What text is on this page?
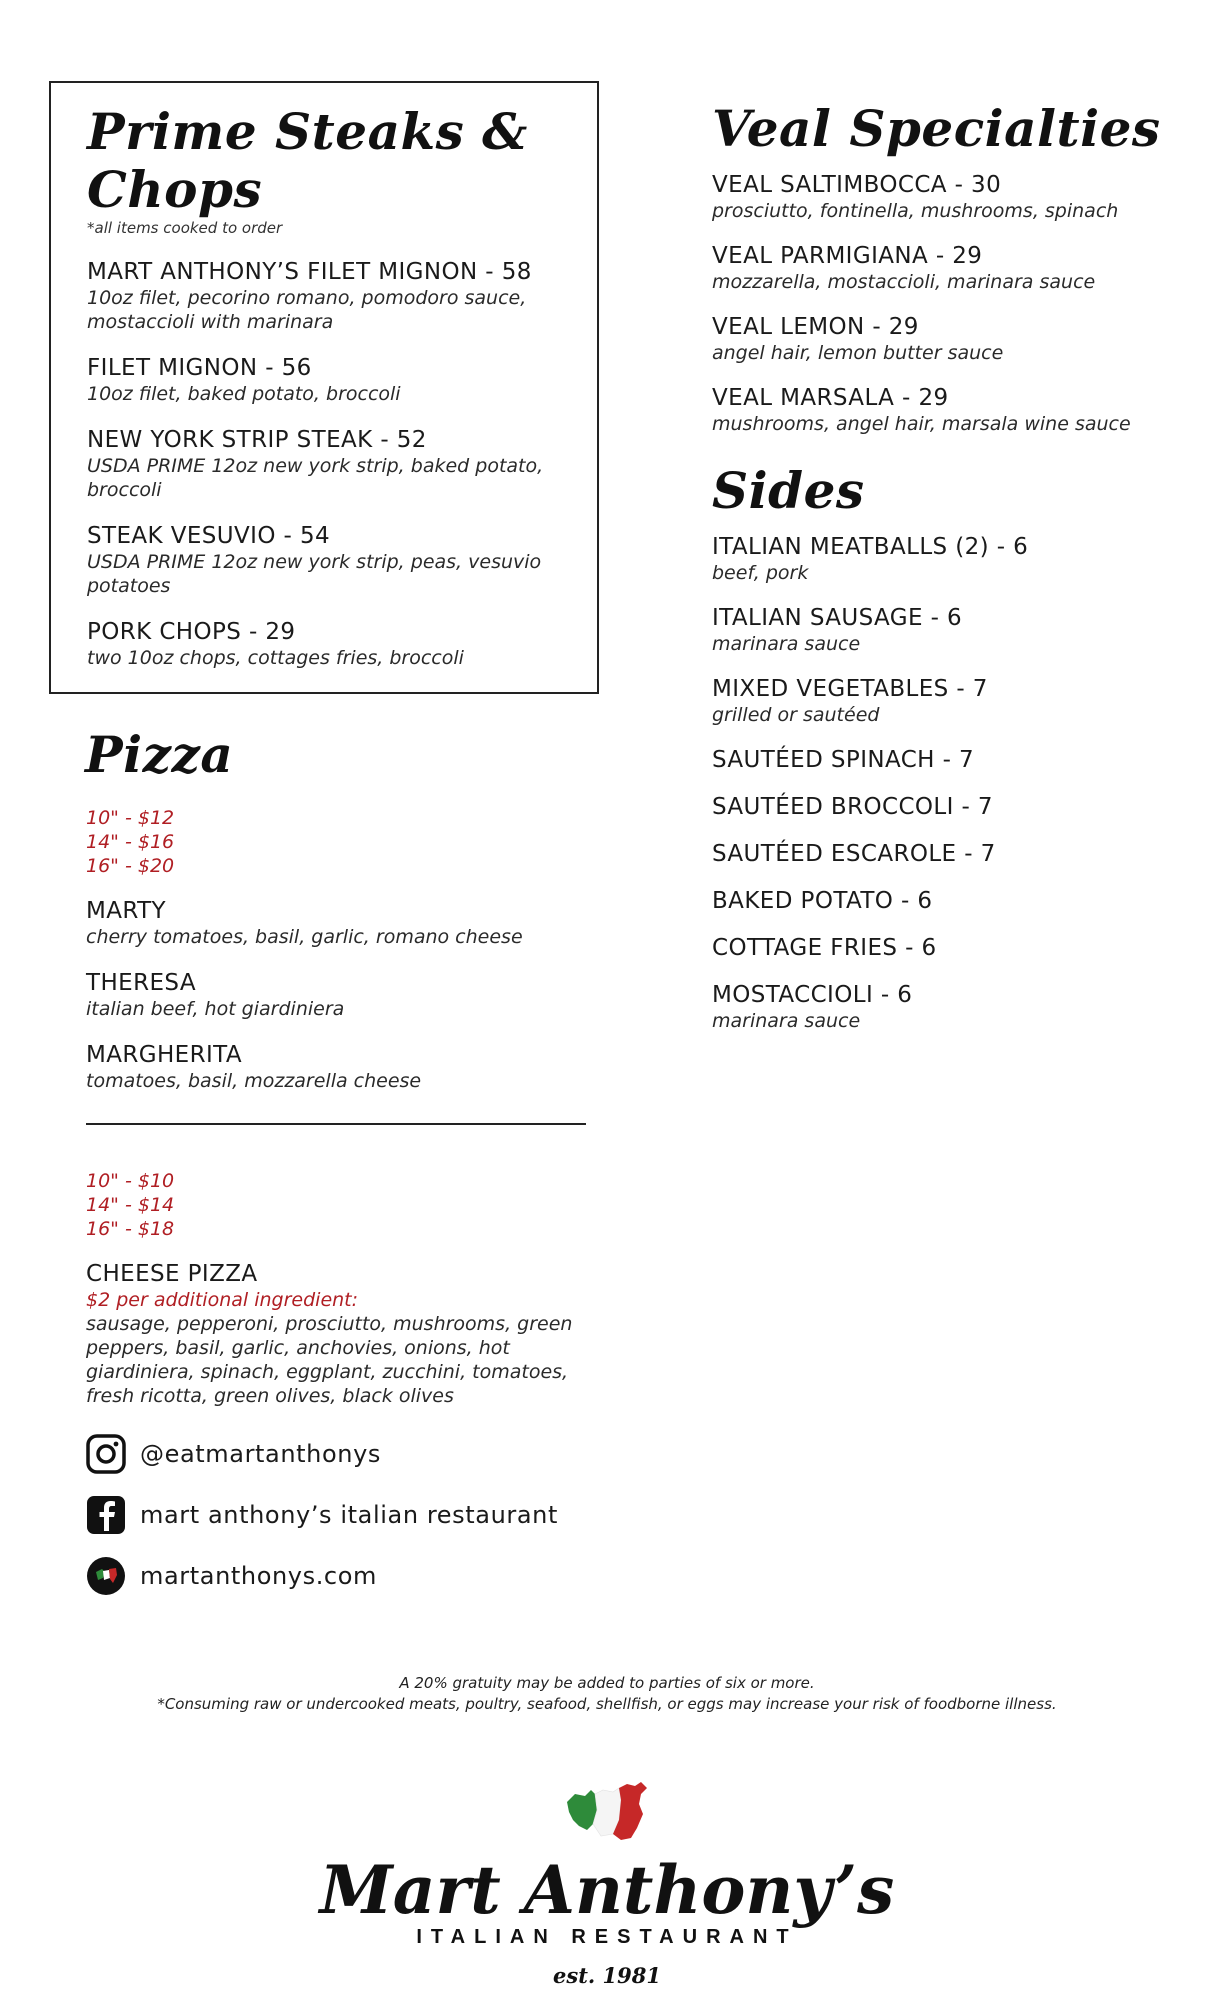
Prime Steaks & Chops
*all items cooked to order
MART ANTHONY’S FILET MIGNON - 58
10oz filet, pecorino romano, pomodoro sauce, mostaccioli with marinara
FILET MIGNON - 56
10oz filet, baked potato, broccoli
NEW YORK STRIP STEAK - 52
USDA PRIME 12oz new york strip, baked potato, broccoli
STEAK VESUVIO - 54
USDA PRIME 12oz new york strip, peas, vesuvio potatoes
PORK CHOPS - 29
two 10oz chops, cottages fries, broccoli
Pizza
10" - $12
14" - $16
16" - $20
MARTY
cherry tomatoes, basil, garlic, romano cheese
THERESA
italian beef, hot giardiniera
MARGHERITA
tomatoes, basil, mozzarella cheese
10" - $10
14" - $14
16" - $18
CHEESE PIZZA
$2 per additional ingredient:
sausage, pepperoni, prosciutto, mushrooms, green peppers, basil, garlic, anchovies, onions, hot giardiniera, spinach, eggplant, zucchini, tomatoes, fresh ricotta, green olives, black olives
Veal Specialties
VEAL SALTIMBOCCA - 30
prosciutto, fontinella, mushrooms, spinach
VEAL PARMIGIANA - 29
mozzarella, mostaccioli, marinara sauce
VEAL LEMON - 29
angel hair, lemon butter sauce
VEAL MARSALA - 29
mushrooms, angel hair, marsala wine sauce
Sides
ITALIAN MEATBALLS (2) - 6
beef, pork
ITALIAN SAUSAGE - 6
marinara sauce
MIXED VEGETABLES - 7
grilled or sautéed
SAUTÉED SPINACH - 7
SAUTÉED BROCCOLI - 7
SAUTÉED ESCAROLE - 7
BAKED POTATO - 6
COTTAGE FRIES - 6
MOSTACCIOLI - 6
marinara sauce
@eatmartanthonys
mart anthony’s italian restaurant
martanthonys.com
A 20% gratuity may be added to parties of six or more.
*Consuming raw or undercooked meats, poultry, seafood, shellfish, or eggs may increase your risk of foodborne illness.
Mart Anthony’s
ITALIAN RESTAURANT
est. 1981
